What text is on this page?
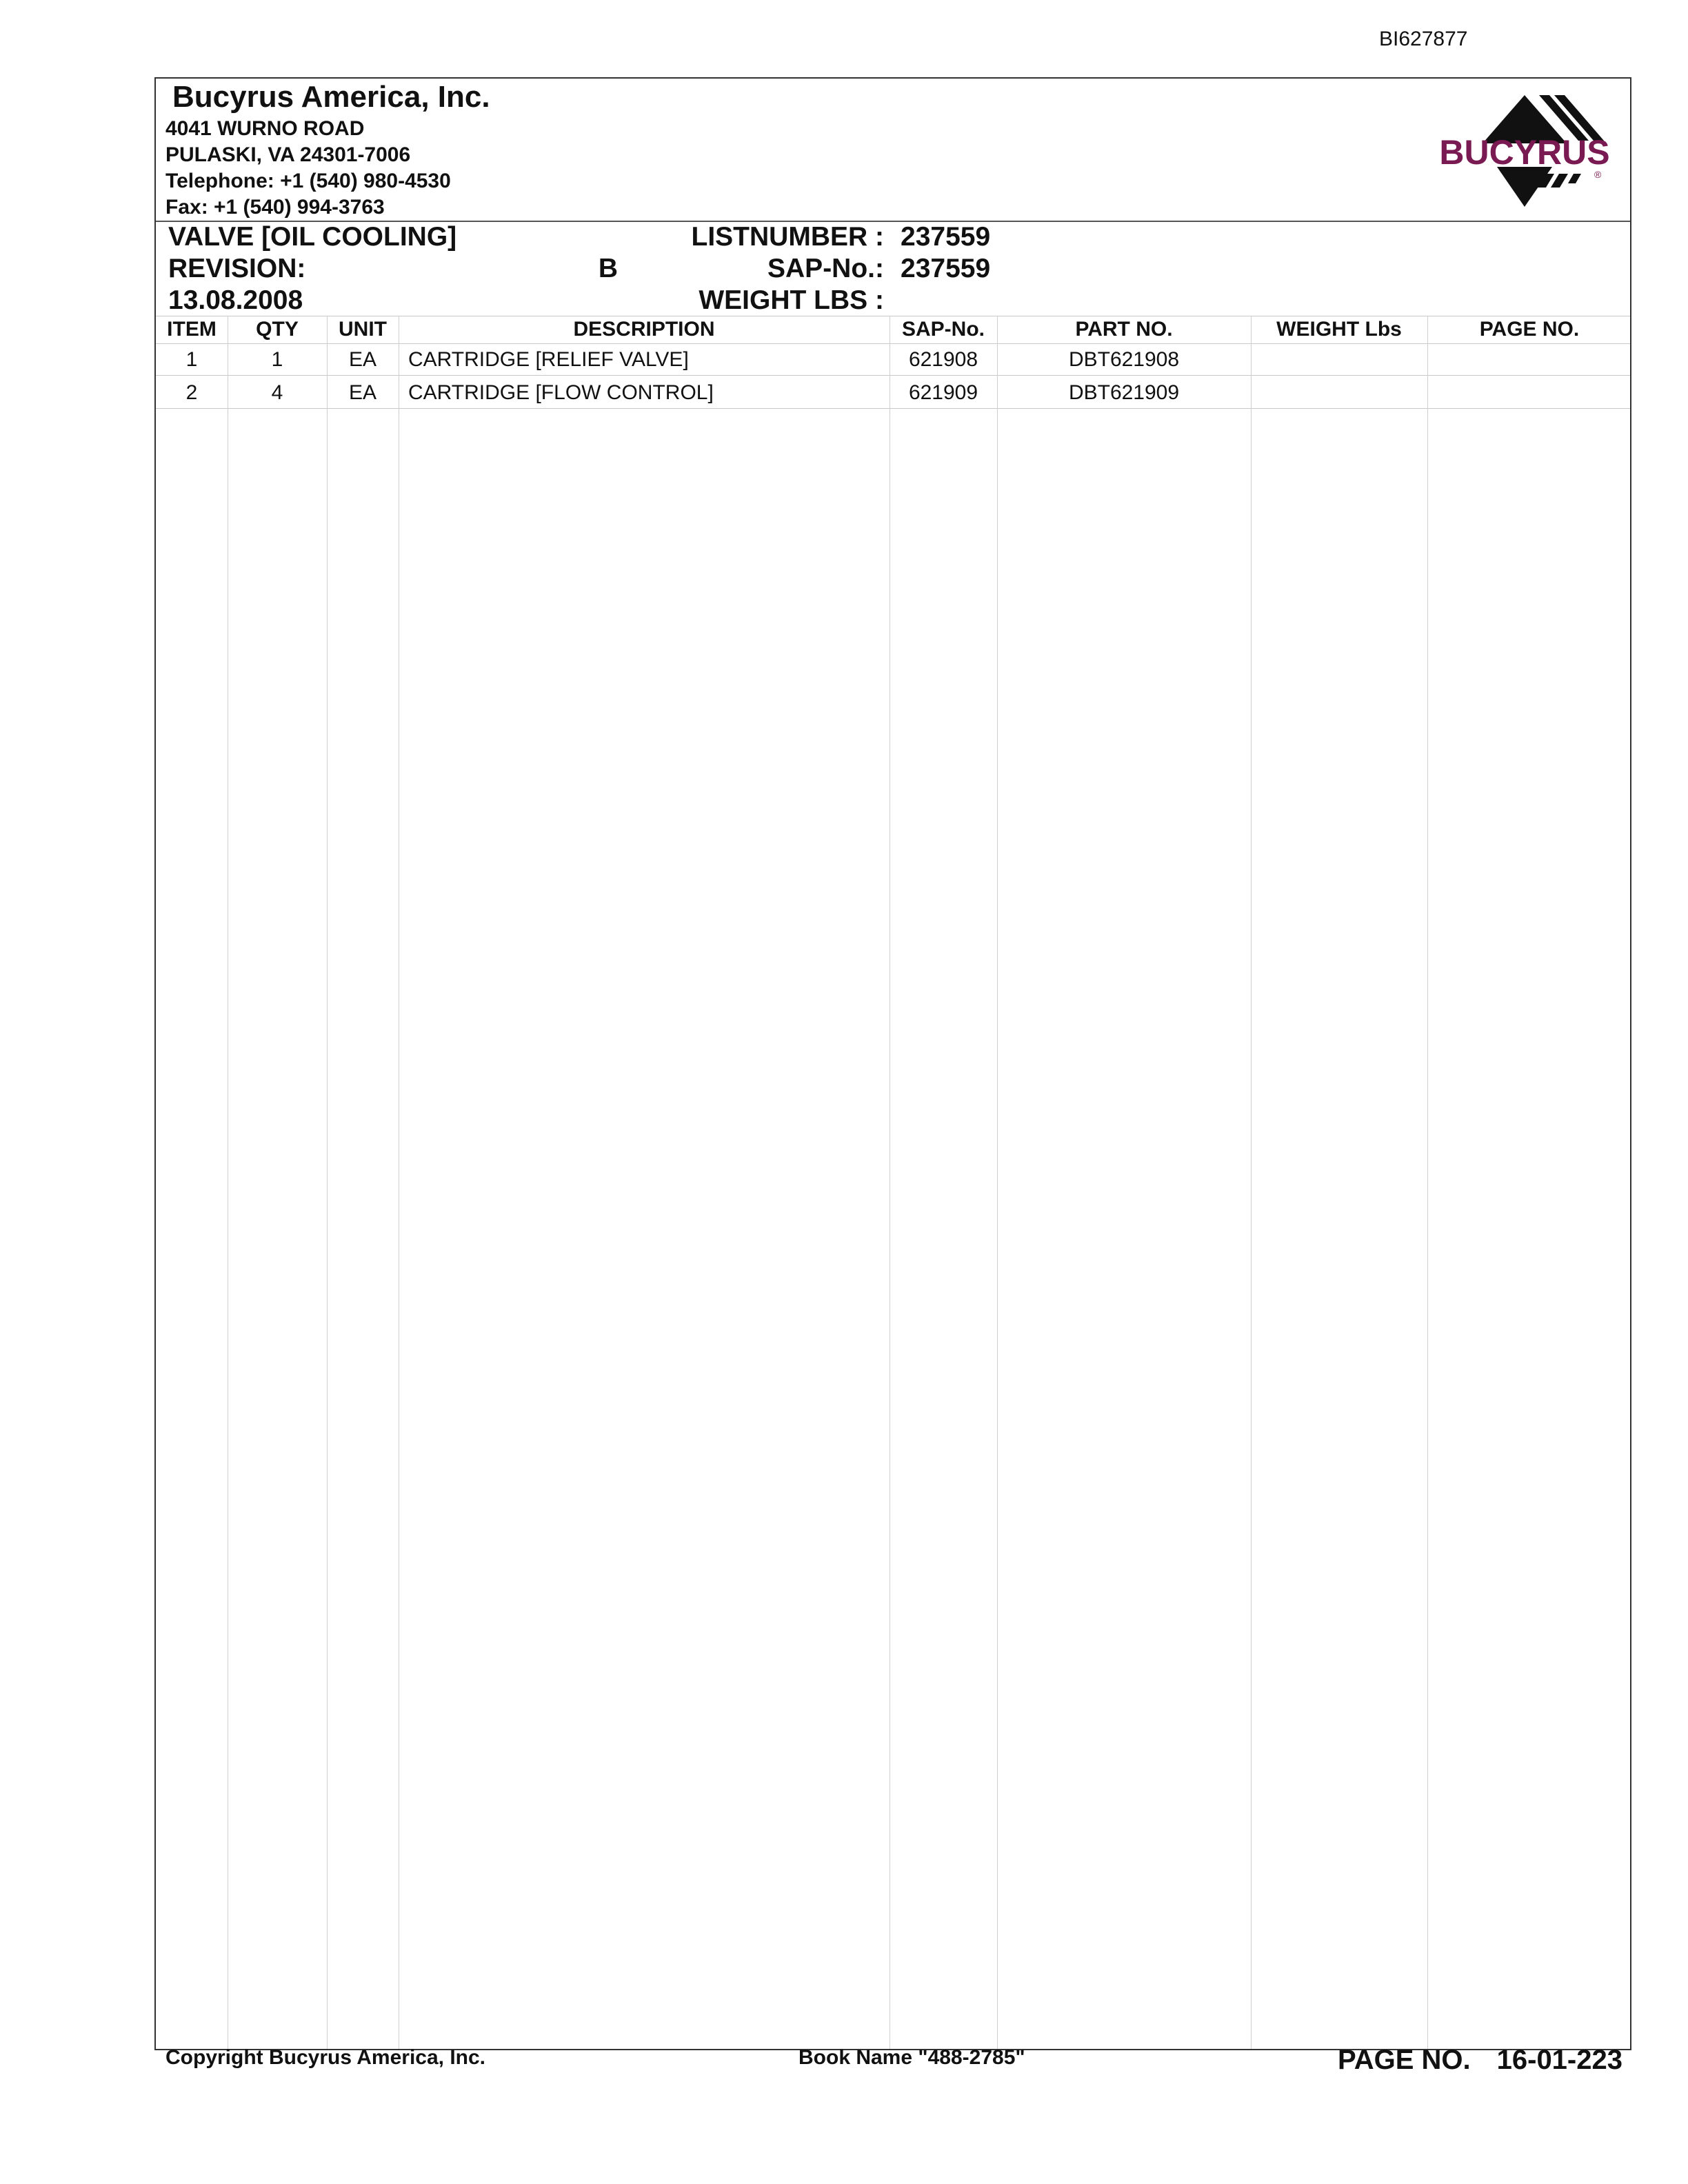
BI627877
Bucyrus America, Inc.
4041 WURNO ROAD
PULASKI, VA 24301-7006
Telephone: +1 (540) 980-4530
Fax: +1 (540) 994-3763
BUCYRUS
®
VALVE [OIL COOLING]	LISTNUMBER : 237559
REVISION:	B	SAP-No.: 237559
13.08.2008	WEIGHT LBS :
ITEM	QTY	UNIT	DESCRIPTION	SAP-No.	PART NO.	WEIGHT Lbs	PAGE NO.
1	1	EA	CARTRIDGE [RELIEF VALVE]	621908	DBT621908
2	4	EA	CARTRIDGE [FLOW CONTROL]	621909	DBT621909
Copyright Bucyrus America, Inc.	Book Name "488-2785"	PAGE NO. 16-01-223
